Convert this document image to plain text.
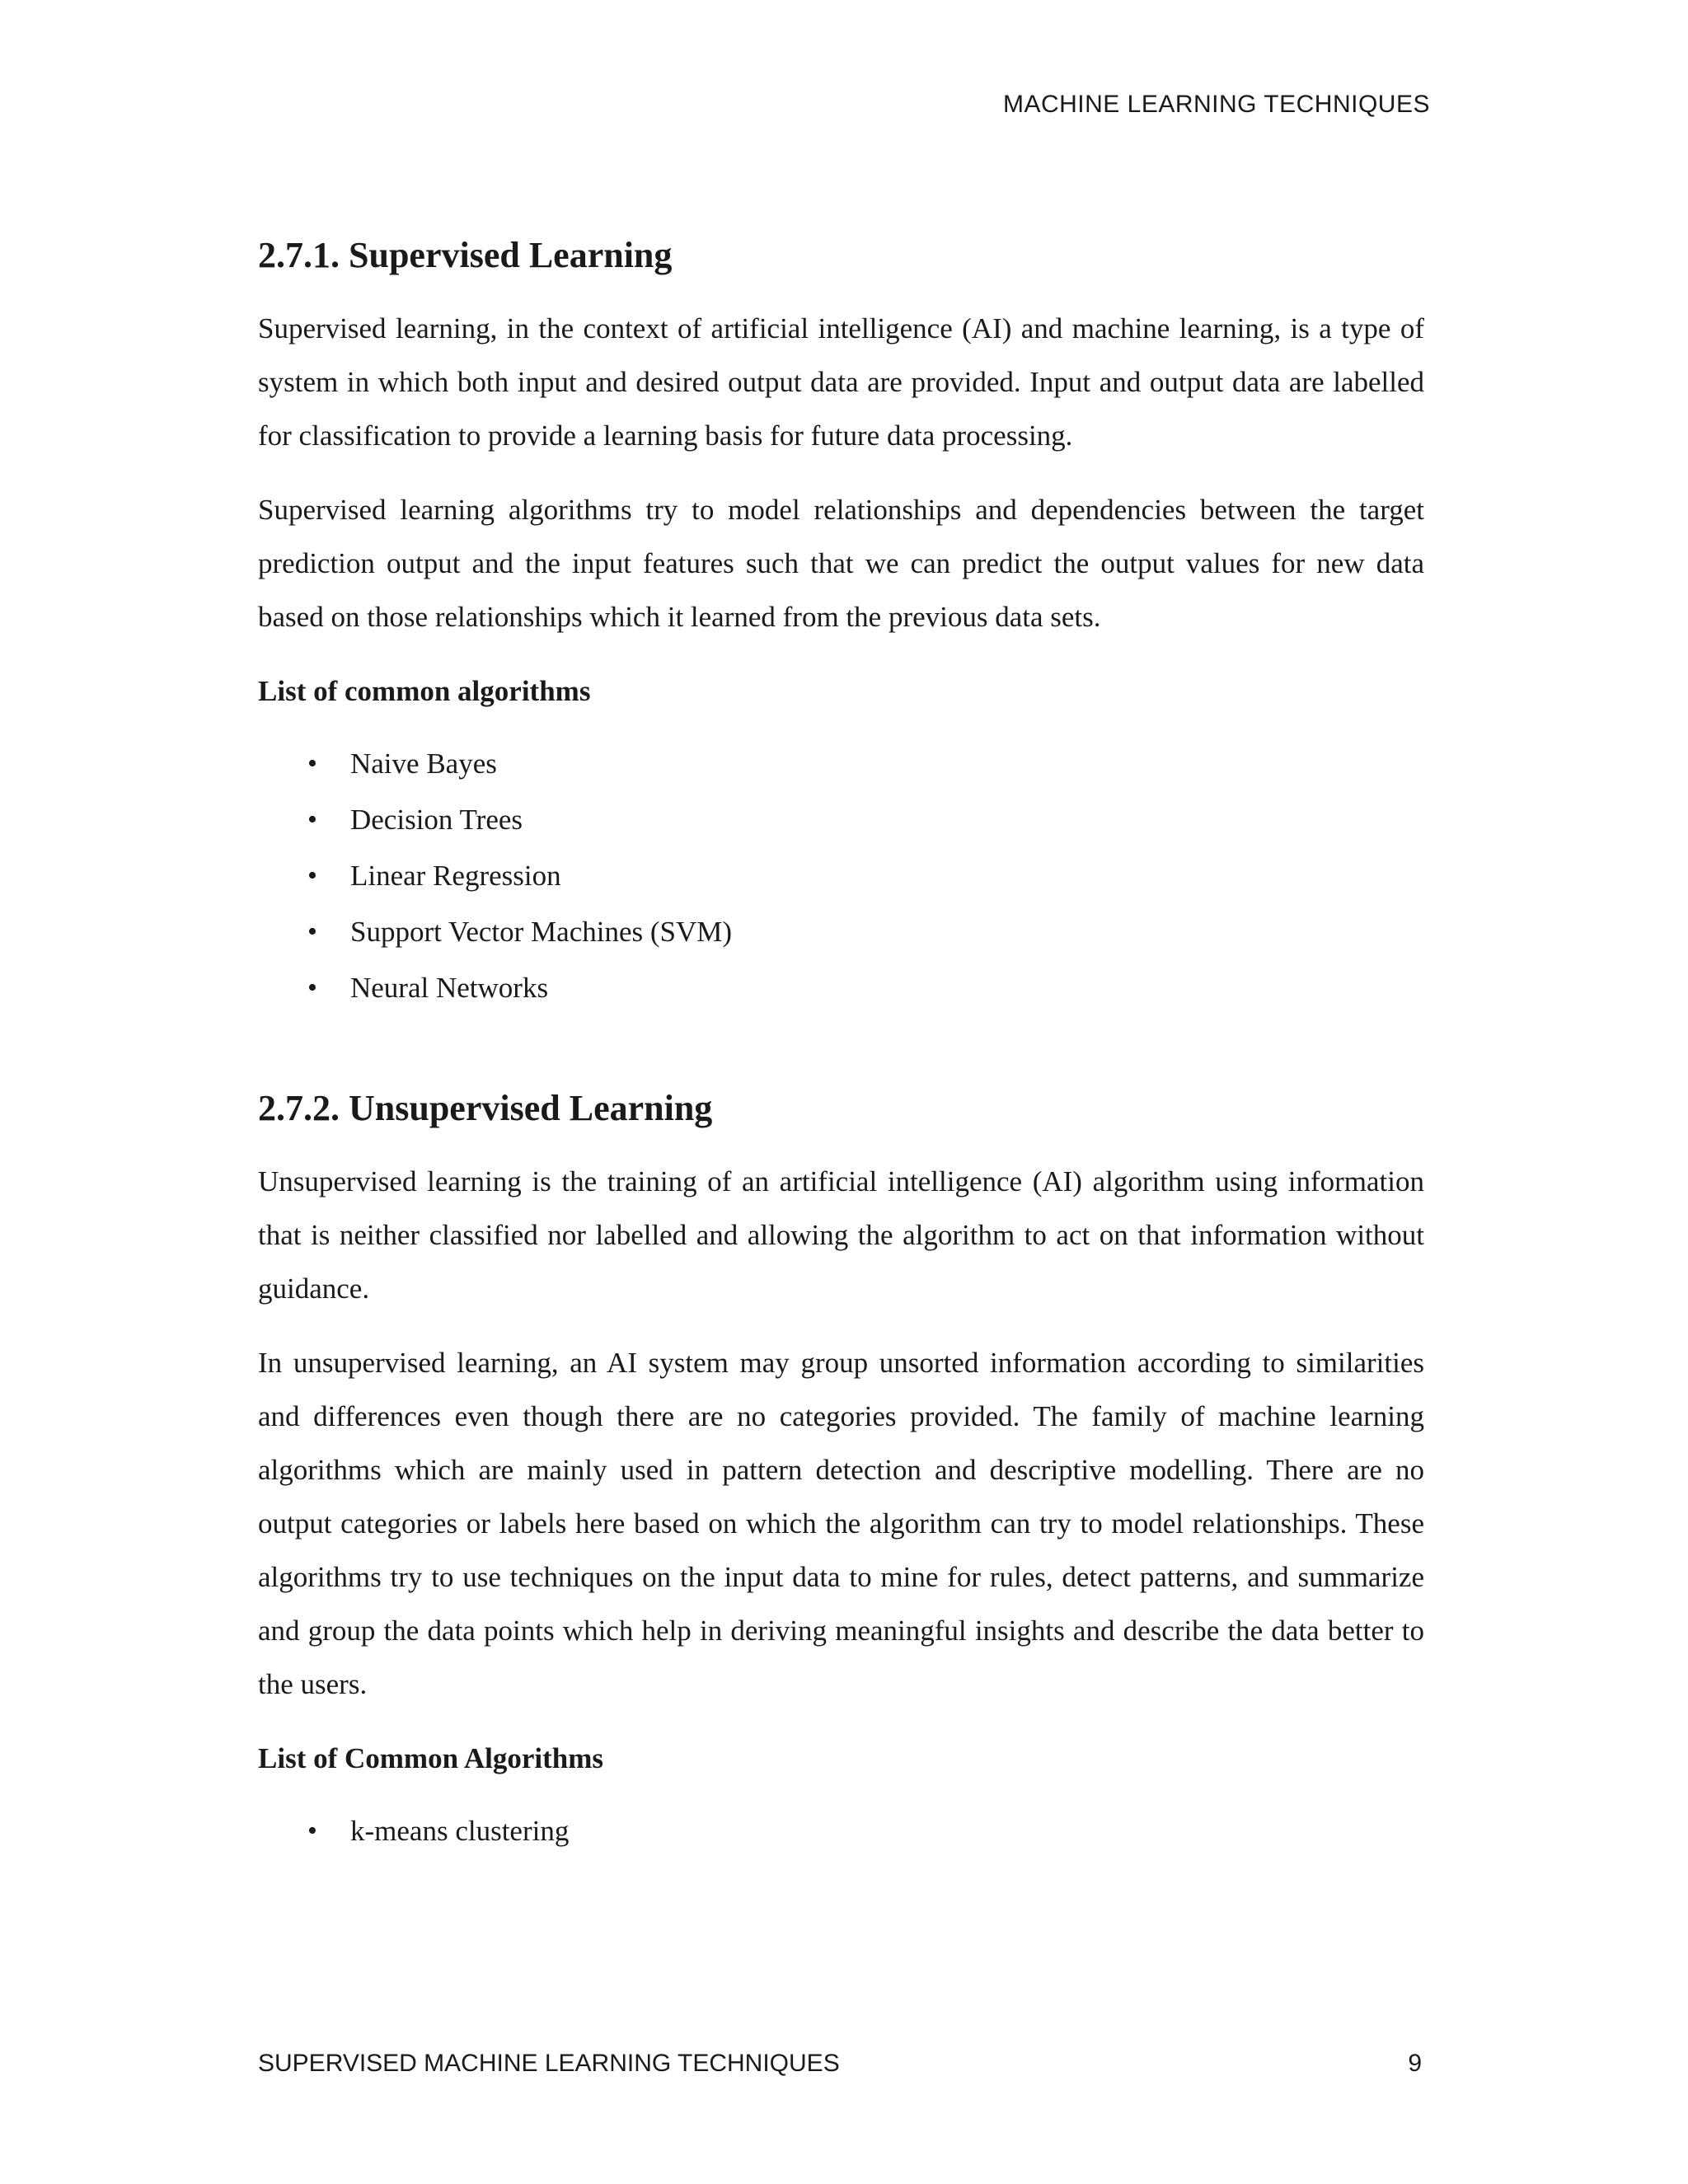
MACHINE LEARNING TECHNIQUES
2.7.1. Supervised Learning

Supervised learning, in the context of artificial intelligence (AI) and machine learning, is a type of system in which both input and desired output data are provided. Input and output data are labelled for classification to provide a learning basis for future data processing.

Supervised learning algorithms try to model relationships and dependencies between the target prediction output and the input features such that we can predict the output values for new data based on those relationships which it learned from the previous data sets.

List of common algorithms
• Naive Bayes
• Decision Trees
• Linear Regression
• Support Vector Machines (SVM)
• Neural Networks
2.7.2. Unsupervised Learning

Unsupervised learning is the training of an artificial intelligence (AI) algorithm using information that is neither classified nor labelled and allowing the algorithm to act on that information without guidance.

In unsupervised learning, an AI system may group unsorted information according to similarities and differences even though there are no categories provided. The family of machine learning algorithms which are mainly used in pattern detection and descriptive modelling. There are no output categories or labels here based on which the algorithm can try to model relationships. These algorithms try to use techniques on the input data to mine for rules, detect patterns, and summarize and group the data points which help in deriving meaningful insights and describe the data better to the users.

List of Common Algorithms
• k-means clustering
SUPERVISED MACHINE LEARNING TECHNIQUES	9
